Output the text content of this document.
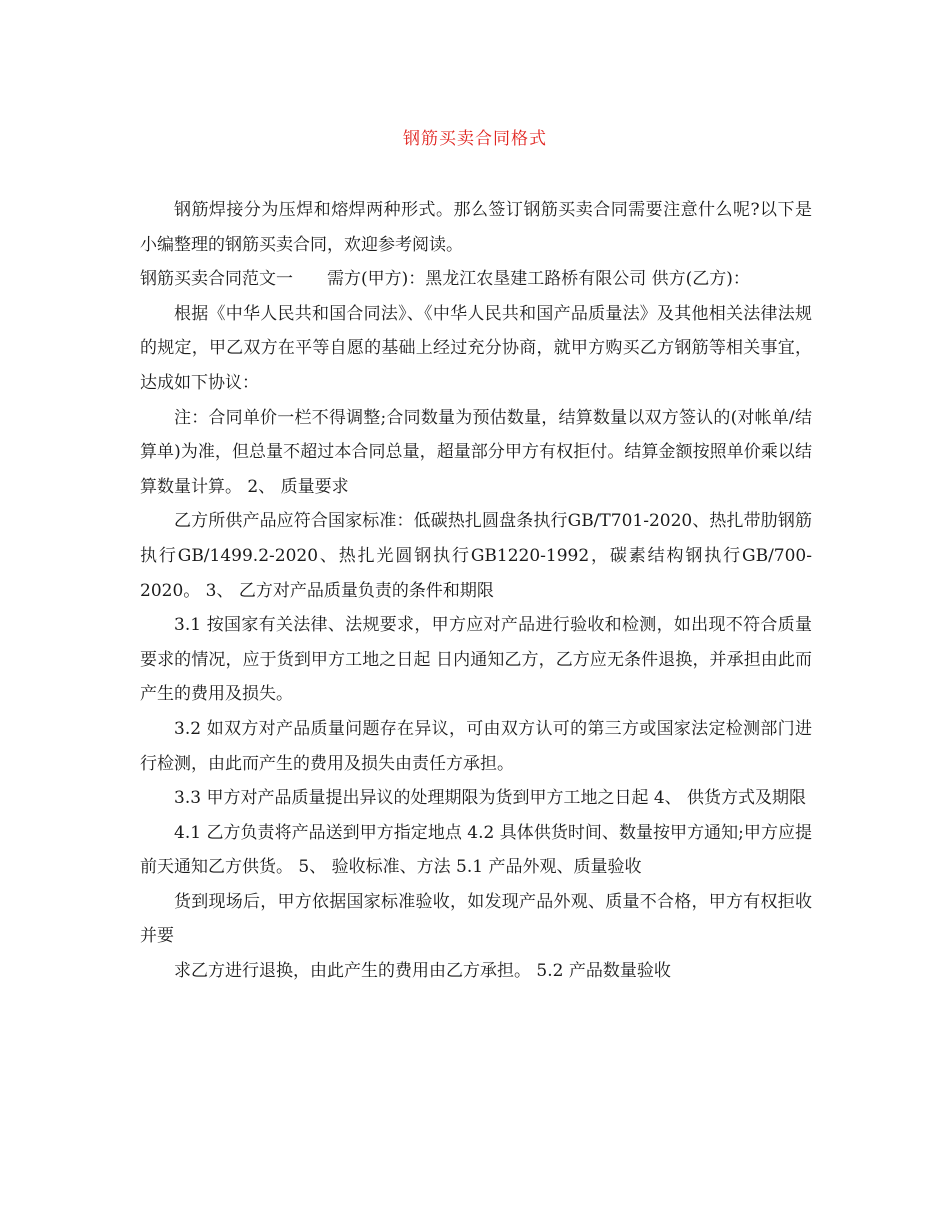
钢筋买卖合同格式

钢筋焊接分为压焊和熔焊两种形式。那么签订钢筋买卖合同需要注意什么呢?以下是小编整理的钢筋买卖合同，欢迎参考阅读。

钢筋买卖合同范文一　　需方(甲方)：黑龙江农垦建工路桥有限公司 供方(乙方)：

根据《中华人民共和国合同法》、《中华人民共和国产品质量法》及其他相关法律法规的规定，甲乙双方在平等自愿的基础上经过充分协商，就甲方购买乙方钢筋等相关事宜，达成如下协议：

注：合同单价一栏不得调整;合同数量为预估数量，结算数量以双方签认的(对帐单/结算单)为准，但总量不超过本合同总量，超量部分甲方有权拒付。结算金额按照单价乘以结算数量计算。 2、 质量要求

乙方所供产品应符合国家标准：低碳热扎圆盘条执行GB/T701-2020、热扎带肋钢筋执行GB/1499.2-2020、热扎光圆钢执行GB1220-1992，碳素结构钢执行GB/700-2020。 3、 乙方对产品质量负责的条件和期限

3.1 按国家有关法律、法规要求，甲方应对产品进行验收和检测，如出现不符合质量要求的情况，应于货到甲方工地之日起 日内通知乙方，乙方应无条件退换，并承担由此而产生的费用及损失。

3.2 如双方对产品质量问题存在异议，可由双方认可的第三方或国家法定检测部门进行检测，由此而产生的费用及损失由责任方承担。

3.3 甲方对产品质量提出异议的处理期限为货到甲方工地之日起 4、 供货方式及期限

4.1 乙方负责将产品送到甲方指定地点 4.2 具体供货时间、数量按甲方通知;甲方应提前天通知乙方供货。 5、 验收标准、方法 5.1 产品外观、质量验收

货到现场后，甲方依据国家标准验收，如发现产品外观、质量不合格，甲方有权拒收并要

求乙方进行退换，由此产生的费用由乙方承担。 5.2 产品数量验收
